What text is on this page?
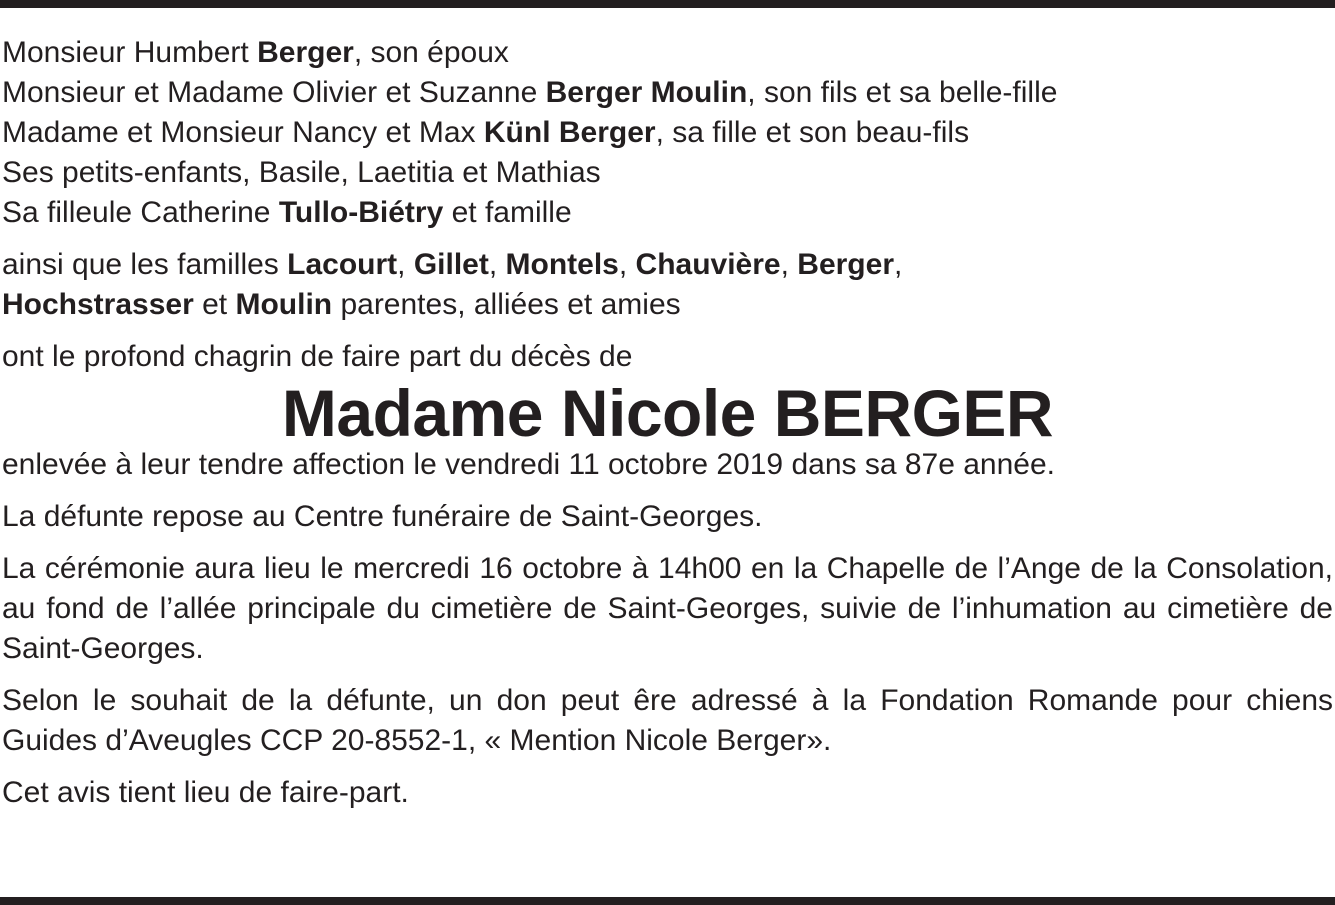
Monsieur Humbert Berger, son époux
Monsieur et Madame Olivier et Suzanne Berger Moulin, son fils et sa belle-fille
Madame et Monsieur Nancy et Max Künl Berger, sa fille et son beau-fils
Ses petits-enfants, Basile, Laetitia et Mathias
Sa filleule Catherine Tullo-Biétry et famille
ainsi que les familles Lacourt, Gillet, Montels, Chauvière, Berger,
Hochstrasser et Moulin parentes, alliées et amies
ont le profond chagrin de faire part du décès de
Madame Nicole BERGER
enlevée à leur tendre affection le vendredi 11 octobre 2019 dans sa 87e année.
La défunte repose au Centre funéraire de Saint-Georges.
La cérémonie aura lieu le mercredi 16 octobre à 14h00 en la Chapelle de l’Ange de la Consolation, au fond de l’allée principale du cimetière de Saint-Georges, suivie de l’inhumation au cimetière de Saint-Georges.
Selon le souhait de la défunte, un don peut êre adressé à la Fondation Romande pour chiens Guides d’Aveugles CCP 20-8552-1, « Mention Nicole Berger».
Cet avis tient lieu de faire-part.
